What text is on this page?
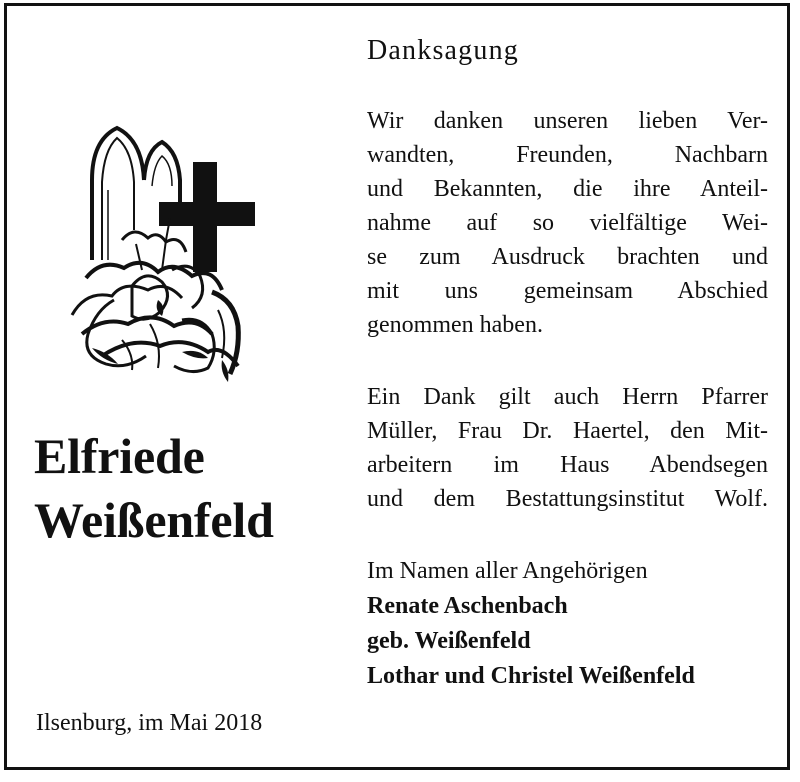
Elfriede
Weißenfeld
Ilsenburg, im Mai 2018
Danksagung
Wir danken unseren lieben Ver-
wandten, Freunden, Nachbarn
und Bekannten, die ihre Anteil-
nahme auf so vielfältige Wei-
se zum Ausdruck brachten und
mit uns gemeinsam Abschied
genommen haben.
Ein Dank gilt auch Herrn Pfarrer
Müller, Frau Dr. Haertel, den Mit-
arbeitern im Haus Abendsegen
und dem Bestattungsinstitut Wolf.
Im Namen aller Angehörigen
Renate Aschenbach
geb. Weißenfeld
Lothar und Christel Weißenfeld
